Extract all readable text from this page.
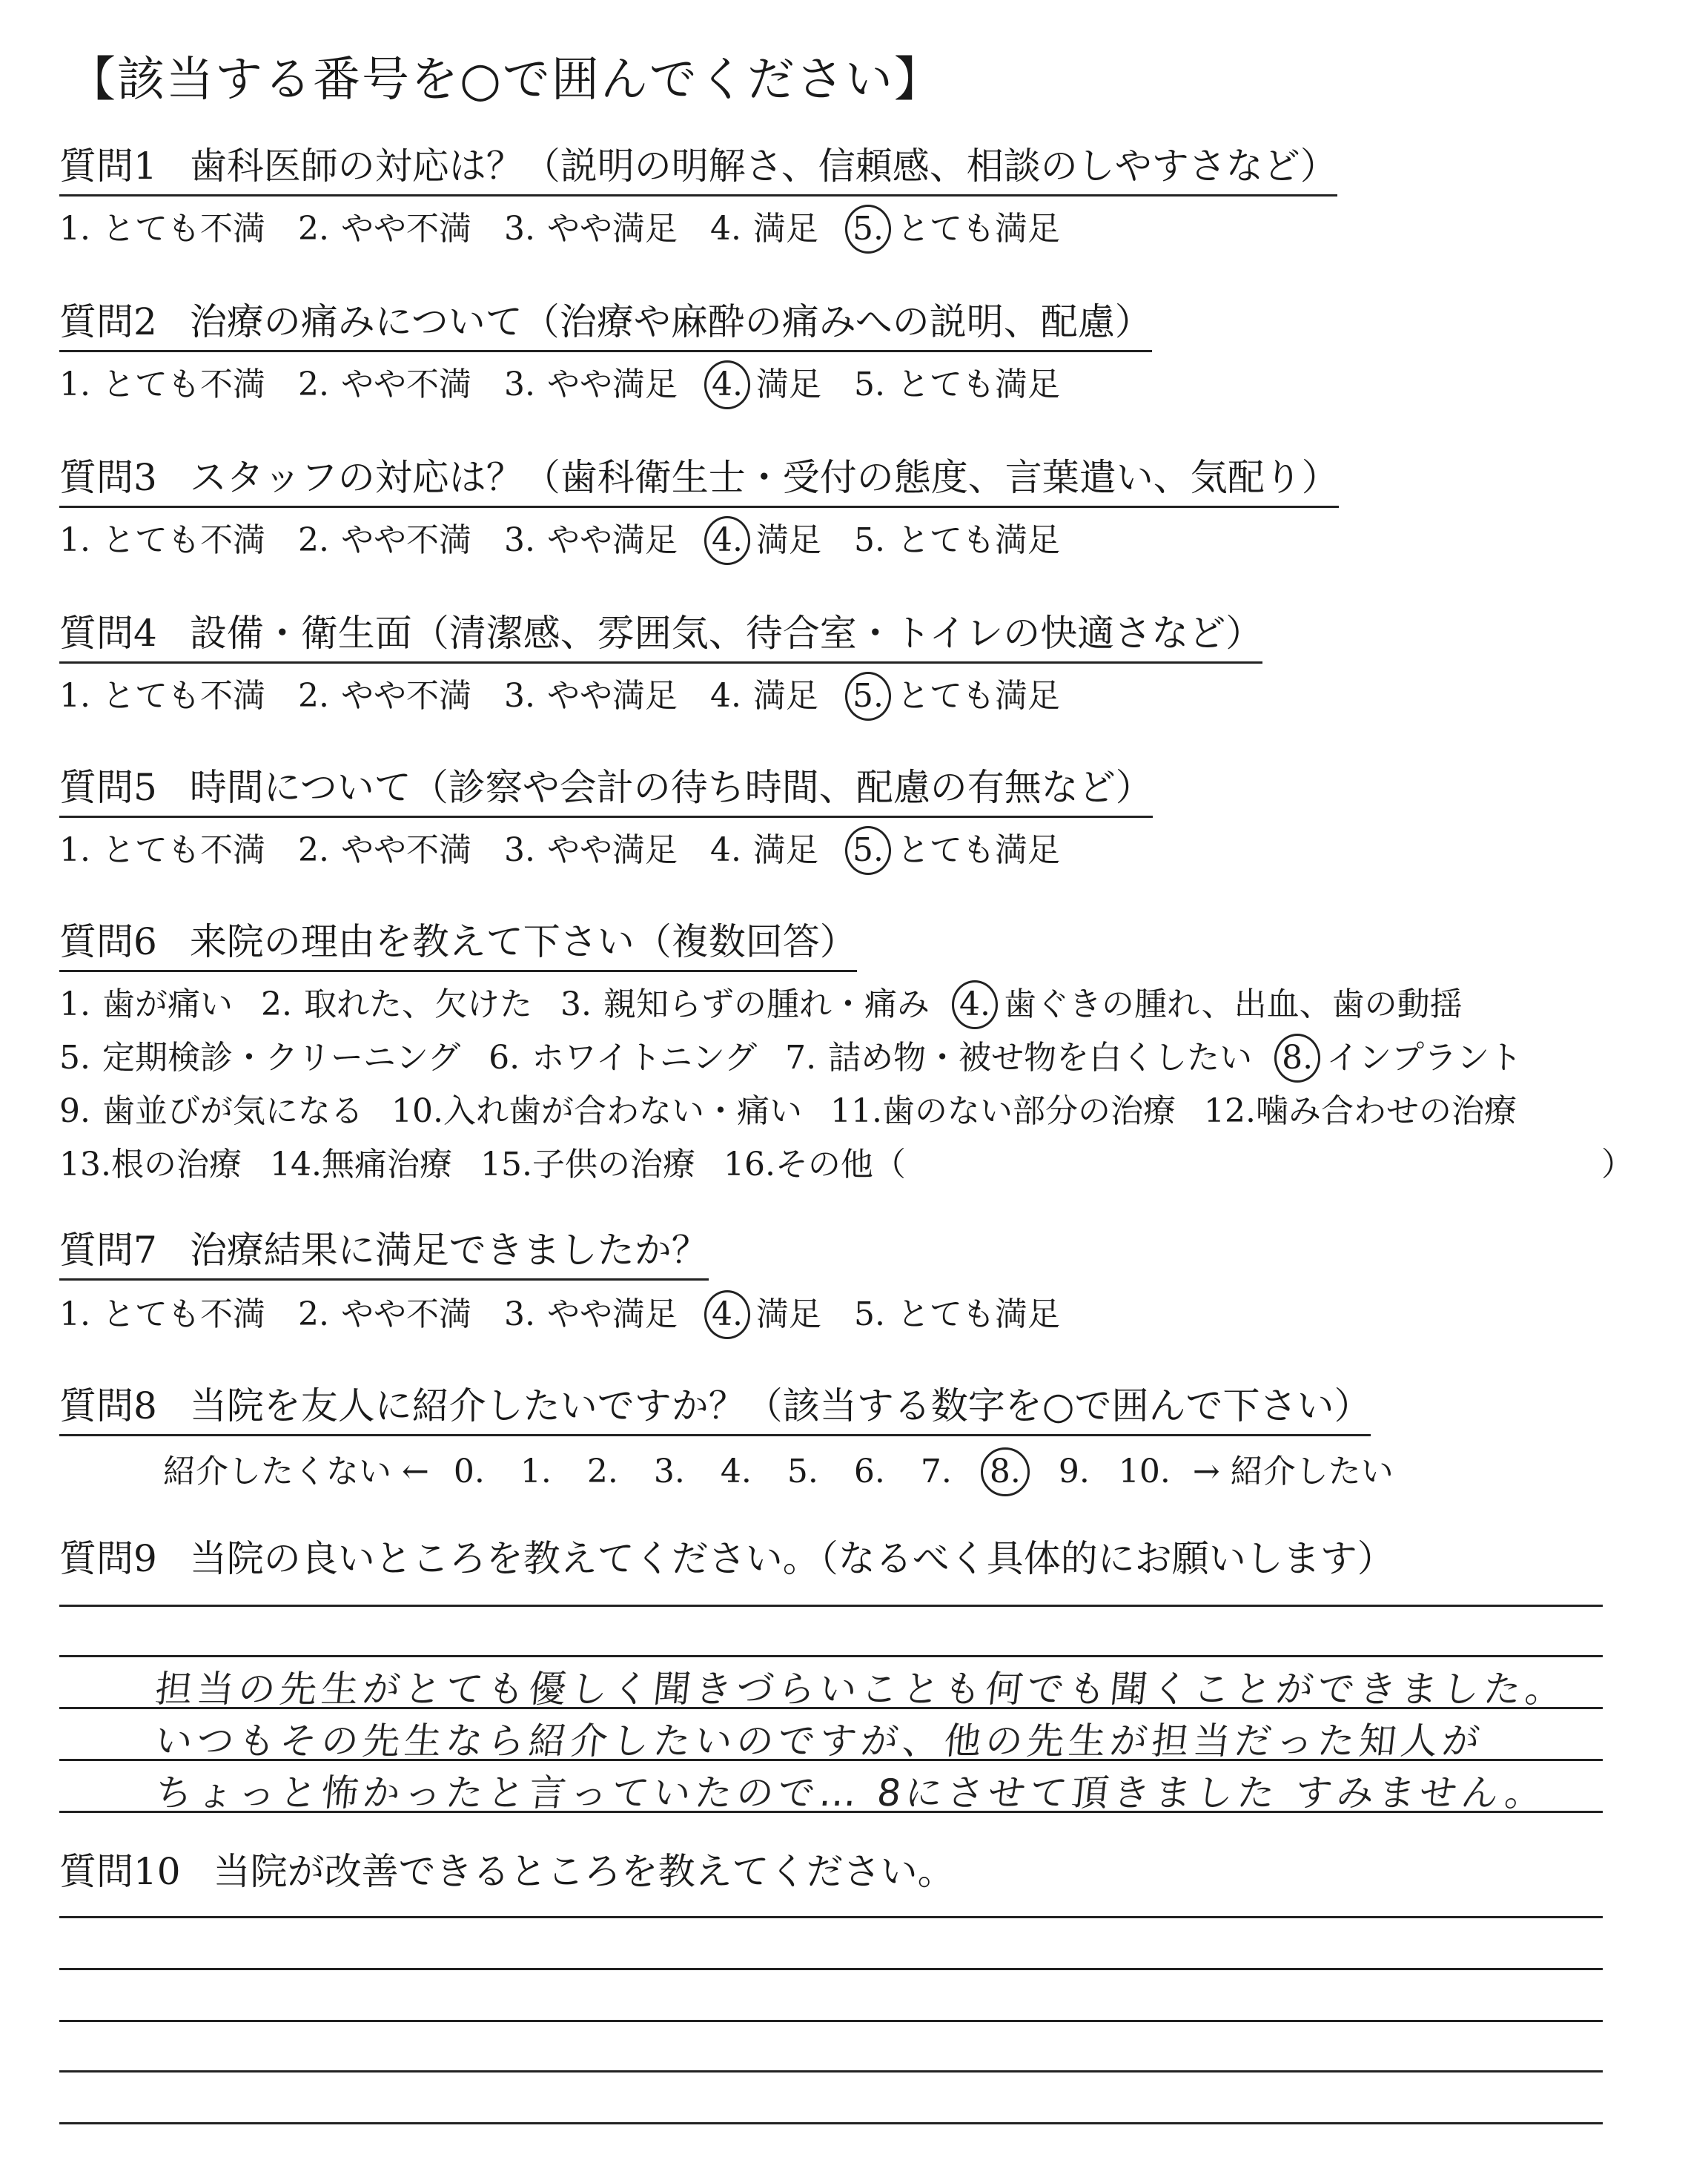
【該当する番号を○で囲んでください】
質問1 歯科医師の対応は？（説明の明解さ、信頼感、相談のしやすさなど）
1. とても不満 2. やや不満 3. やや満足 4. 満足 5. とても満足
質問2 治療の痛みについて（治療や麻酔の痛みへの説明、配慮）
1. とても不満 2. やや不満 3. やや満足 4. 満足 5. とても満足
質問3 スタッフの対応は？（歯科衛生士・受付の態度、言葉遣い、気配り）
1. とても不満 2. やや不満 3. やや満足 4. 満足 5. とても満足
質問4 設備・衛生面（清潔感、雰囲気、待合室・トイレの快適さなど）
1. とても不満 2. やや不満 3. やや満足 4. 満足 5. とても満足
質問5 時間について（診察や会計の待ち時間、配慮の有無など）
1. とても不満 2. やや不満 3. やや満足 4. 満足 5. とても満足
質問6 来院の理由を教えて下さい（複数回答）
1. 歯が痛い 2. 取れた、欠けた 3. 親知らずの腫れ・痛み 4. 歯ぐきの腫れ、出血、歯の動揺
5. 定期検診・クリーニング 6. ホワイトニング 7. 詰め物・被せ物を白くしたい 8. インプラント
9. 歯並びが気になる 10.入れ歯が合わない・痛い 11.歯のない部分の治療 12.噛み合わせの治療
13.根の治療 14.無痛治療 15.子供の治療 16.その他（	）
質問7 治療結果に満足できましたか？
1. とても不満 2. やや不満 3. やや満足 4. 満足 5. とても満足
質問8 当院を友人に紹介したいですか？（該当する数字を○で囲んで下さい）
紹介したくない ← 0. 1. 2. 3. 4. 5. 6. 7. 8. 9. 10. → 紹介したい
質問9 当院の良いところを教えてください。（なるべく具体的にお願いします）
担当の先生がとても優しく聞きづらいことも何でも聞くことができました。
いつもその先生なら紹介したいのですが、他の先生が担当だった知人が
ちょっと怖かったと言っていたので… 8にさせて頂きました すみません。
質問10 当院が改善できるところを教えてください。
